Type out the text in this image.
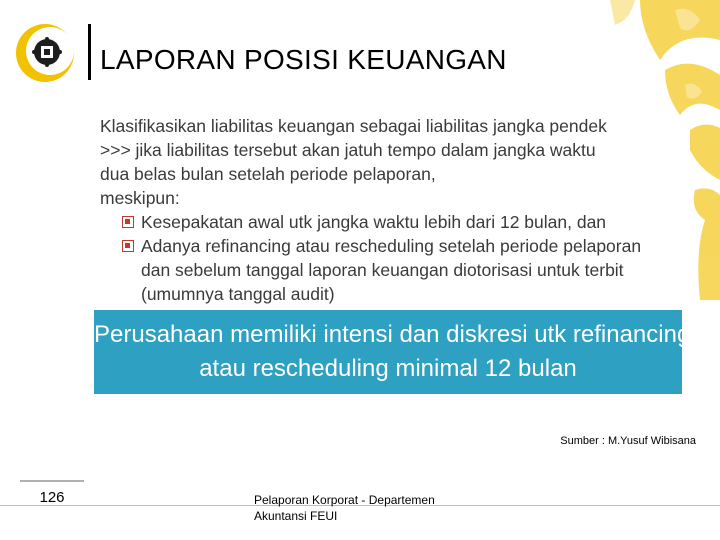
LAPORAN POSISI KEUANGAN

Klasifikasikan liabilitas keuangan sebagai liabilitas jangka pendek

>>> jika liabilitas tersebut akan jatuh tempo dalam jangka waktu

dua belas bulan setelah periode pelaporan,

meskipun:

Kesepakatan awal utk jangka waktu lebih dari 12 bulan, dan
Adanya refinancing atau rescheduling setelah periode pelaporan
dan sebelum tanggal laporan keuangan diotorisasi untuk terbit
(umumnya tanggal audit)
Perusahaan memiliki intensi dan diskresi utk refinancing
atau rescheduling minimal 12 bulan
Sumber : M.Yusuf Wibisana
126	Pelaporan Korporat - Departemen
Akuntansi FEUI
